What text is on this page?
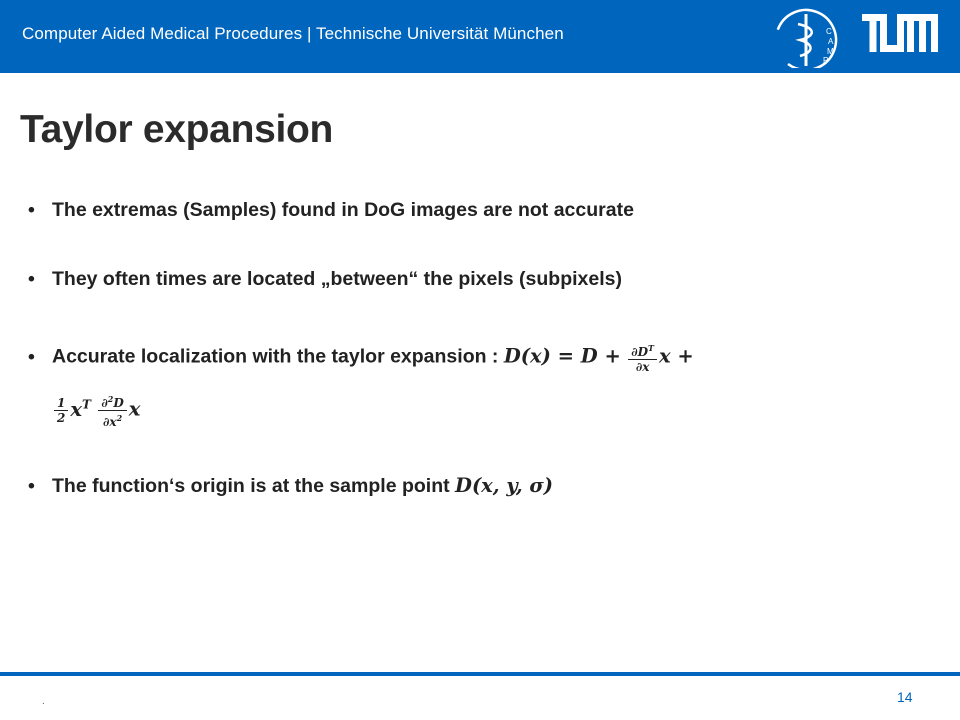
Computer Aided Medical Procedures | Technische Universität München	C
A
M
P
Taylor expansion
• The extremas (Samples) found in DoG images are not accurate
• They often times are located „between“ the pixels (subpixels)
• Accurate localization with the taylor expansion : $D(x) = D + \frac{\partial D^T}{\partial x}$ x +
$\frac{1}{2} x^T \frac{\partial^2D}{\partial x^2}$ x
• The function‘s origin is at the sample point D(x, y, σ)
.	14
